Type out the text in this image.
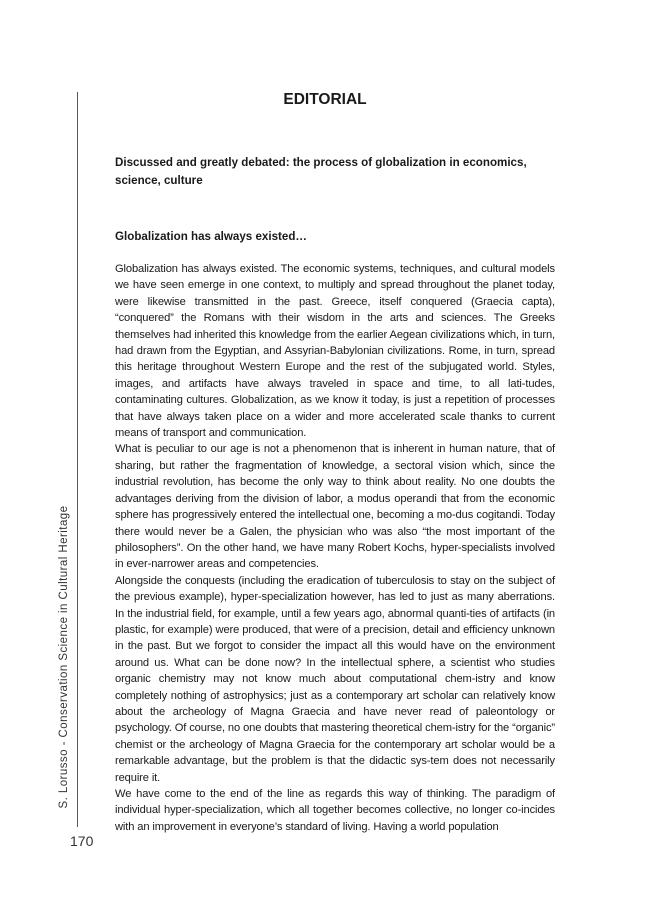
S. Lorusso - Conservation Science in Cultural Heritage
EDITORIAL
Discussed and greatly debated: the process of globalization in economics, science, culture
Globalization has always existed…

Globalization has always existed. The economic systems, techniques, and cultural models we have seen emerge in one context, to multiply and spread throughout the planet today, were likewise transmitted in the past. Greece, itself conquered (Graecia capta), “conquered” the Romans with their wisdom in the arts and sciences. The Greeks themselves had inherited this knowledge from the earlier Aegean civilizations which, in turn, had drawn from the Egyptian, and Assyrian-Babylonian civilizations. Rome, in turn, spread this heritage throughout Western Europe and the rest of the subjugated world. Styles, images, and artifacts have always traveled in space and time, to all lati-tudes, contaminating cultures. Globalization, as we know it today, is just a repetition of processes that have always taken place on a wider and more accelerated scale thanks to current means of transport and communication.

What is peculiar to our age is not a phenomenon that is inherent in human nature, that of sharing, but rather the fragmentation of knowledge, a sectoral vision which, since the industrial revolution, has become the only way to think about reality. No one doubts the advantages deriving from the division of labor, a modus operandi that from the economic sphere has progressively entered the intellectual one, becoming a mo-dus cogitandi. Today there would never be a Galen, the physician who was also “the most important of the philosophers”. On the other hand, we have many Robert Kochs, hyper-specialists involved in ever-narrower areas and competencies.

Alongside the conquests (including the eradication of tuberculosis to stay on the subject of the previous example), hyper-specialization however, has led to just as many aberrations. In the industrial field, for example, until a few years ago, abnormal quanti-ties of artifacts (in plastic, for example) were produced, that were of a precision, detail and efficiency unknown in the past. But we forgot to consider the impact all this would have on the environment around us. What can be done now? In the intellectual sphere, a scientist who studies organic chemistry may not know much about computational chem-istry and know completely nothing of astrophysics; just as a contemporary art scholar can relatively know about the archeology of Magna Graecia and have never read of paleontology or psychology. Of course, no one doubts that mastering theoretical chem-istry for the “organic” chemist or the archeology of Magna Graecia for the contemporary art scholar would be a remarkable advantage, but the problem is that the didactic sys-tem does not necessarily require it.

We have come to the end of the line as regards this way of thinking. The paradigm of individual hyper-specialization, which all together becomes collective, no longer co-incides with an improvement in everyone’s standard of living. Having a world population

170
